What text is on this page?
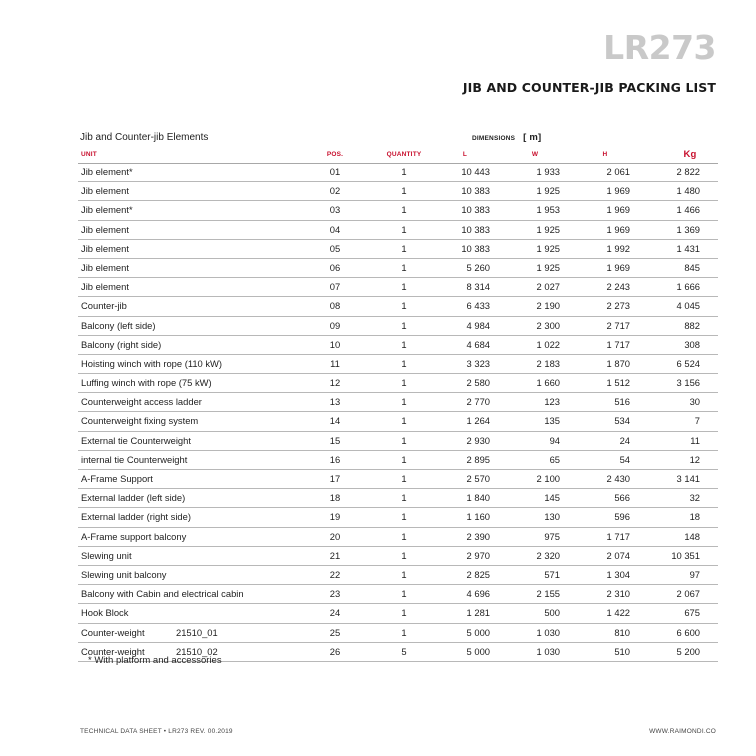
LR273
JIB AND COUNTER-JIB PACKING LIST
Jib and Counter-jib Elements	DIMENSIONS [ m]
UNIT	POS.	QUANTITY	L	W	H	Kg
Jib element*	01	1	10 443	1 933	2 061	2 822
Jib element	02	1	10 383	1 925	1 969	1 480
Jib element*	03	1	10 383	1 953	1 969	1 466
Jib element	04	1	10 383	1 925	1 969	1 369
Jib element	05	1	10 383	1 925	1 992	1 431
Jib element	06	1	5 260	1 925	1 969	845
Jib element	07	1	8 314	2 027	2 243	1 666
Counter-jib	08	1	6 433	2 190	2 273	4 045
Balcony (left side)	09	1	4 984	2 300	2 717	882
Balcony (right side)	10	1	4 684	1 022	1 717	308
Hoisting winch with rope (110 kW)	11	1	3 323	2 183	1 870	6 524
Luffing winch with rope (75 kW)	12	1	2 580	1 660	1 512	3 156
Counterweight access ladder	13	1	2 770	123	516	30
Counterweight fixing system	14	1	1 264	135	534	7
External tie Counterweight	15	1	2 930	94	24	11
internal tie Counterweight	16	1	2 895	65	54	12
A-Frame Support	17	1	2 570	2 100	2 430	3 141
External ladder (left side)	18	1	1 840	145	566	32
External ladder (right side)	19	1	1 160	130	596	18
A-Frame support balcony	20	1	2 390	975	1 717	148
Slewing unit	21	1	2 970	2 320	2 074	10 351
Slewing unit balcony	22	1	2 825	571	1 304	97
Balcony with Cabin and electrical cabin	23	1	4 696	2 155	2 310	2 067
Hook Block	24	1	1 281	500	1 422	675
Counter-weight	21510_01	25	1	5 000	1 030	810	6 600
Counter-weight	21510_02	26	5	5 000	1 030	510	5 200
* With platform and accessories
TECHNICAL DATA SHEET • LR273 REV. 00.2019	WWW.RAIMONDI.CO
